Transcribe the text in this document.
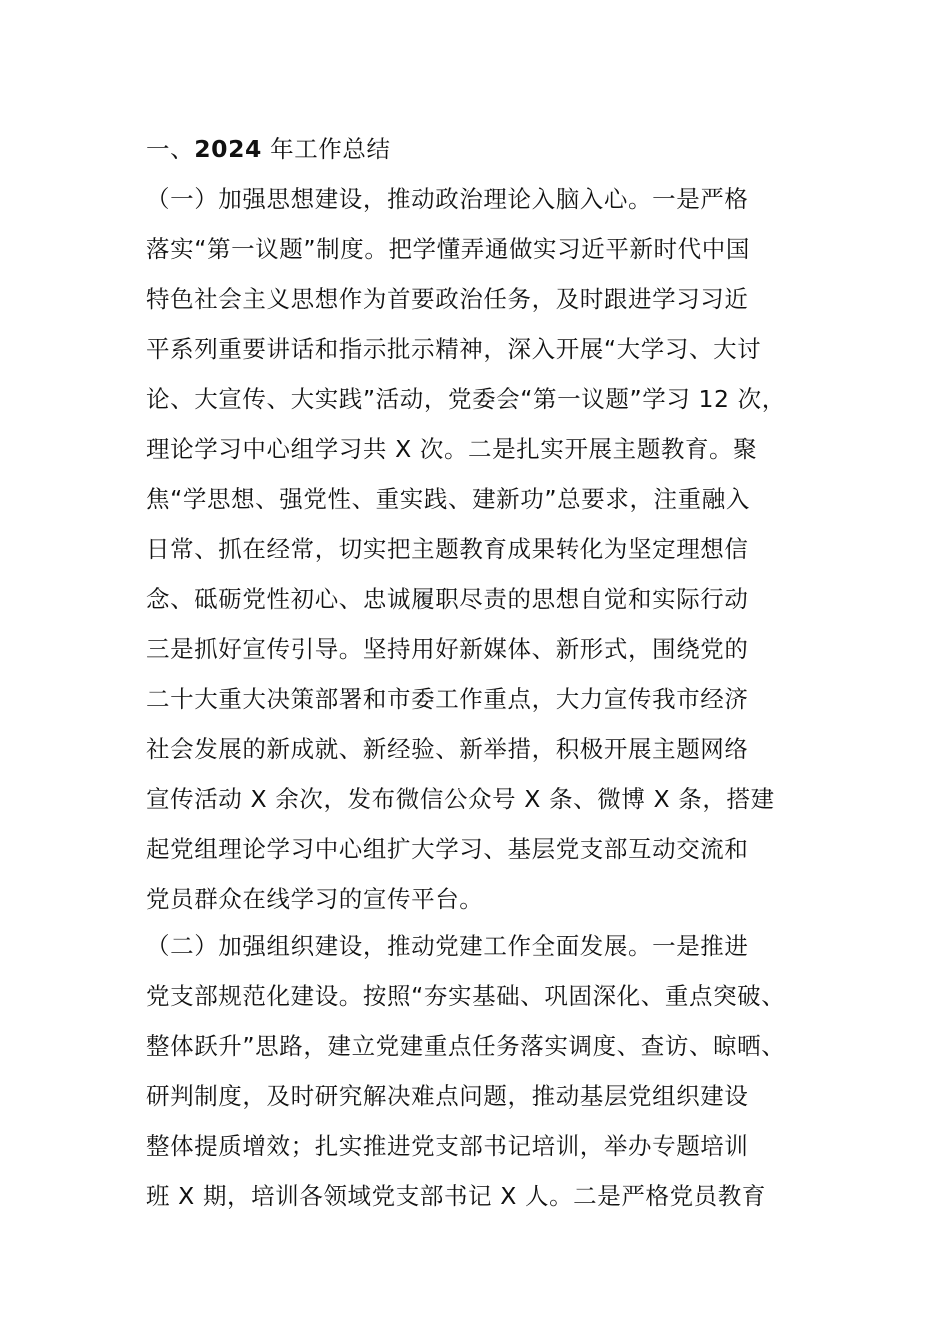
一、2024 年工作总结
（一）加强思想建设，推动政治理论入脑入心。一是严格
落实“第一议题”制度。把学懂弄通做实习近平新时代中国
特色社会主义思想作为首要政治任务，及时跟进学习习近
平系列重要讲话和指示批示精神，深入开展“大学习、大讨
论、大宣传、大实践”活动，党委会“第一议题”学习 12 次，
理论学习中心组学习共 X 次。二是扎实开展主题教育。聚
焦“学思想、强党性、重实践、建新功”总要求，注重融入
日常、抓在经常，切实把主题教育成果转化为坚定理想信
念、砥砺党性初心、忠诚履职尽责的思想自觉和实际行动
三是抓好宣传引导。坚持用好新媒体、新形式，围绕党的
二十大重大决策部署和市委工作重点，大力宣传我市经济
社会发展的新成就、新经验、新举措，积极开展主题网络
宣传活动 X 余次，发布微信公众号 X 条、微博 X 条，搭建
起党组理论学习中心组扩大学习、基层党支部互动交流和
党员群众在线学习的宣传平台。
（二）加强组织建设，推动党建工作全面发展。一是推进
党支部规范化建设。按照“夯实基础、巩固深化、重点突破、
整体跃升”思路，建立党建重点任务落实调度、查访、晾晒、
研判制度，及时研究解决难点问题，推动基层党组织建设
整体提质增效；扎实推进党支部书记培训，举办专题培训
班 X 期，培训各领域党支部书记 X 人。二是严格党员教育
